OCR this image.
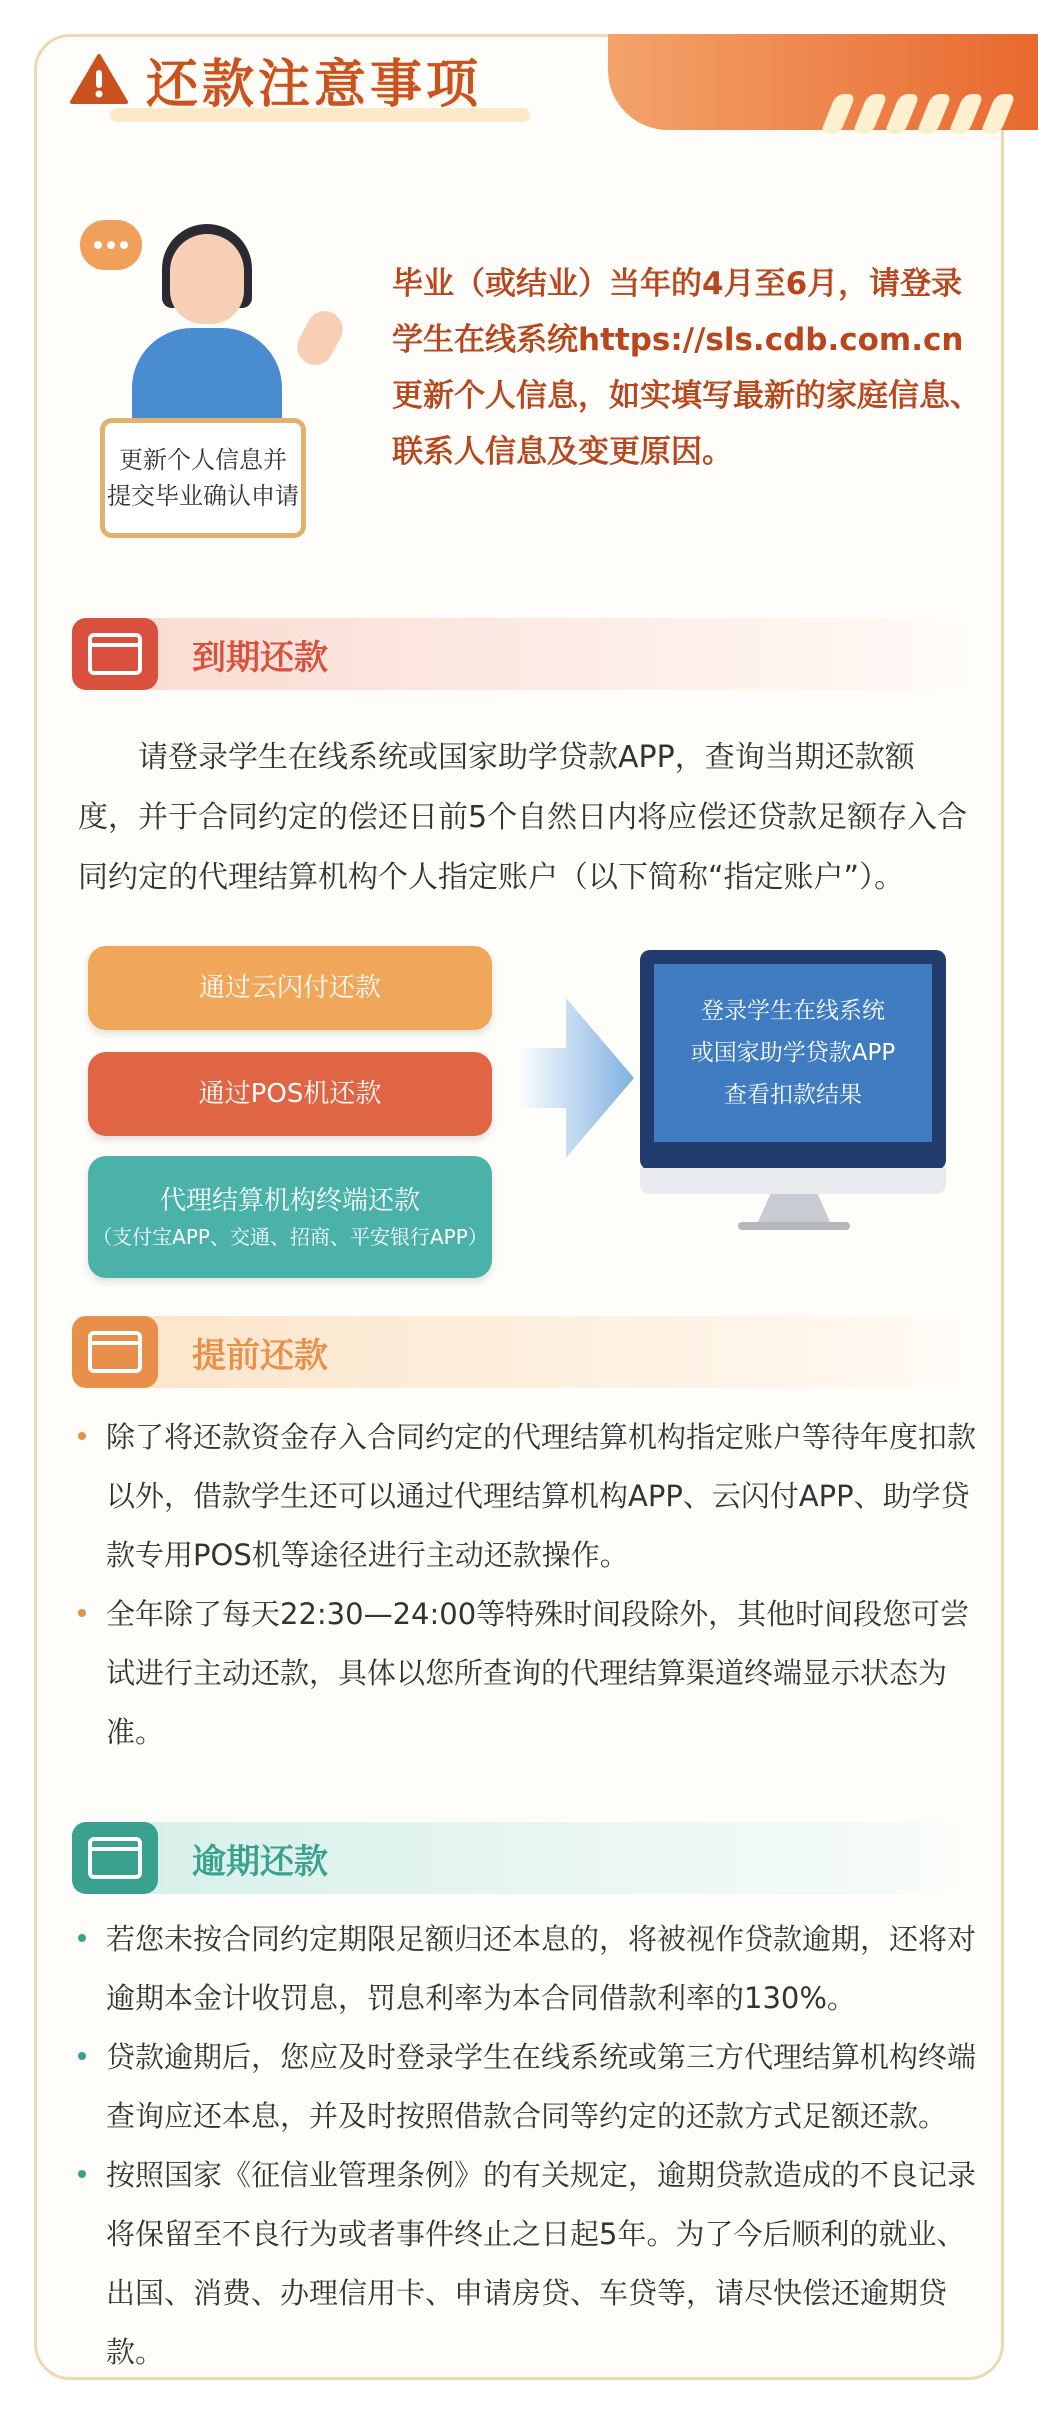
还款注意事项
更新个人信息并
提交毕业确认申请
毕业（或结业）当年的4月至6月，请登录学生在线系统https://sls.cdb.com.cn更新个人信息，如实填写最新的家庭信息、联系人信息及变更原因。
到期还款
请登录学生在线系统或国家助学贷款APP，查询当期还款额度，并于合同约定的偿还日前5个自然日内将应偿还贷款足额存入合同约定的代理结算机构个人指定账户（以下简称“指定账户”）。
通过云闪付还款
通过POS机还款
代理结算机构终端还款
（支付宝APP、交通、招商、平安银行APP）
登录学生在线系统
或国家助学贷款APP
查看扣款结果
提前还款
除了将还款资金存入合同约定的代理结算机构指定账户等待年度扣款以外，借款学生还可以通过代理结算机构APP、云闪付APP、助学贷款专用POS机等途径进行主动还款操作。
全年除了每天22:30—24:00等特殊时间段除外，其他时间段您可尝试进行主动还款，具体以您所查询的代理结算渠道终端显示状态为准。
逾期还款
若您未按合同约定期限足额归还本息的，将被视作贷款逾期，还将对逾期本金计收罚息，罚息利率为本合同借款利率的130%。
贷款逾期后，您应及时登录学生在线系统或第三方代理结算机构终端查询应还本息，并及时按照借款合同等约定的还款方式足额还款。
按照国家《征信业管理条例》的有关规定，逾期贷款造成的不良记录将保留至不良行为或者事件终止之日起5年。为了今后顺利的就业、出国、消费、办理信用卡、申请房贷、车贷等，请尽快偿还逾期贷款。
